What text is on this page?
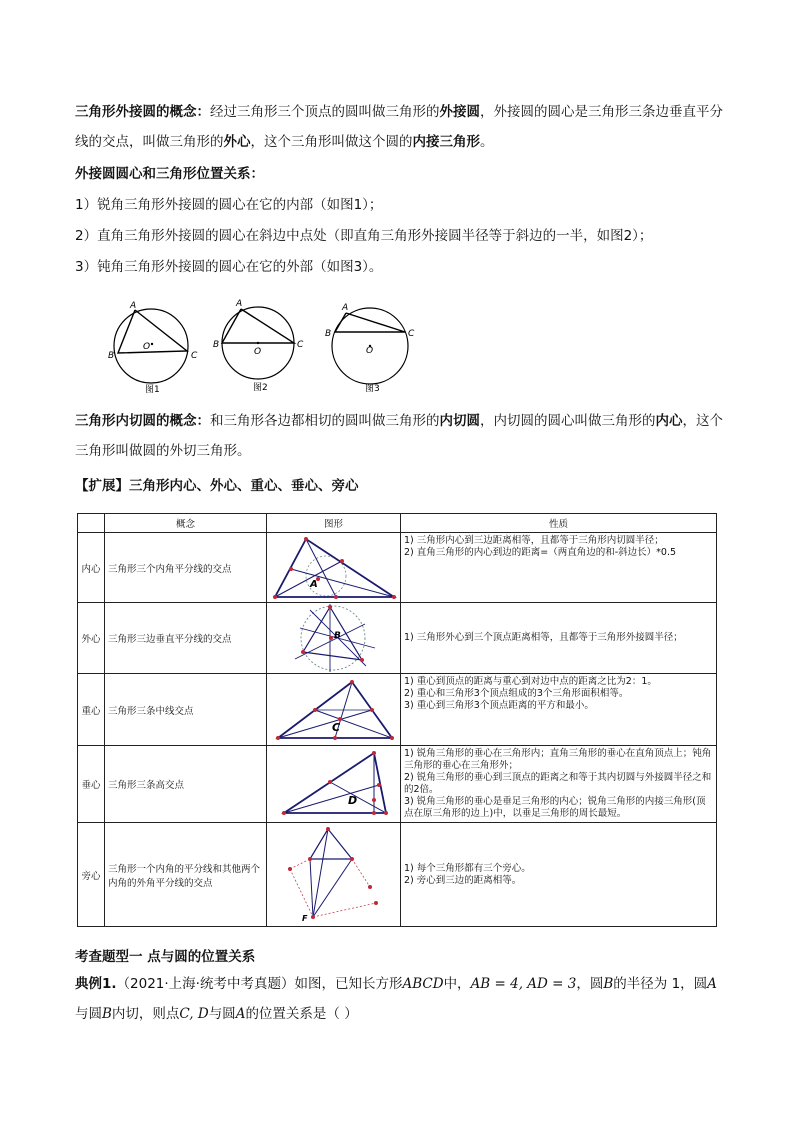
三角形外接圆的概念：经过三角形三个顶点的圆叫做三角形的外接圆，外接圆的圆心是三角形三条边垂直平分线的交点，叫做三角形的外心，这个三角形叫做这个圆的内接三角形。
外接圆圆心和三角形位置关系：
1）锐角三角形外接圆的圆心在它的内部（如图1）；
2）直角三角形外接圆的圆心在斜边中点处（即直角三角形外接圆半径等于斜边的一半，如图2）；
3）钝角三角形外接圆的圆心在它的外部（如图3）。
A
B	C
O
图1
A
B	C
O
图2
A
B	C
O
图3
三角形内切圆的概念：和三角形各边都相切的圆叫做三角形的内切圆，内切圆的圆心叫做三角形的内心，这个三角形叫做圆的外切三角形。
【扩展】三角形内心、外心、重心、垂心、旁心
	概念	图形	性质
内心	三角形三个内角平分线的交点	A	1) 三角形内心到三边距离相等，且都等于三角形内切圆半径；
2) 直角三角形的内心到边的距离=（两直角边的和-斜边长）*0.5

外心	三角形三边垂直平分线的交点	B	1) 三角形外心到三个顶点距离相等，且都等于三角形外接圆半径；

重心	三角形三条中线交点	C	1) 重心到顶点的距离与重心到对边中点的距离之比为2：1。
2) 重心和三角形3个顶点组成的3个三角形面积相等。
3) 重心到三角形3个顶点距离的平方和最小。

垂心	三角形三条高交点	D	1) 锐角三角形的垂心在三角形内；直角三角形的垂心在直角顶点上；钝角三角形的垂心在三角形外；
2) 锐角三角形的垂心到三顶点的距离之和等于其内切圆与外接圆半径之和的2倍。
3) 锐角三角形的垂心是垂足三角形的内心；锐角三角形的内接三角形(顶点在原三角形的边上)中，以垂足三角形的周长最短。

旁心	三角形一个内角的平分线和其他两个内角的外角平分线的交点	F	1) 每个三角形都有三个旁心。
2) 旁心到三边的距离相等。
考查题型一 点与圆的位置关系
典例1.（2021·上海·统考中考真题）如图，已知长方形ABCD中，AB = 4, AD = 3，圆B的半径为 1，圆A与圆B内切，则点C, D与圆A的位置关系是（ ）
